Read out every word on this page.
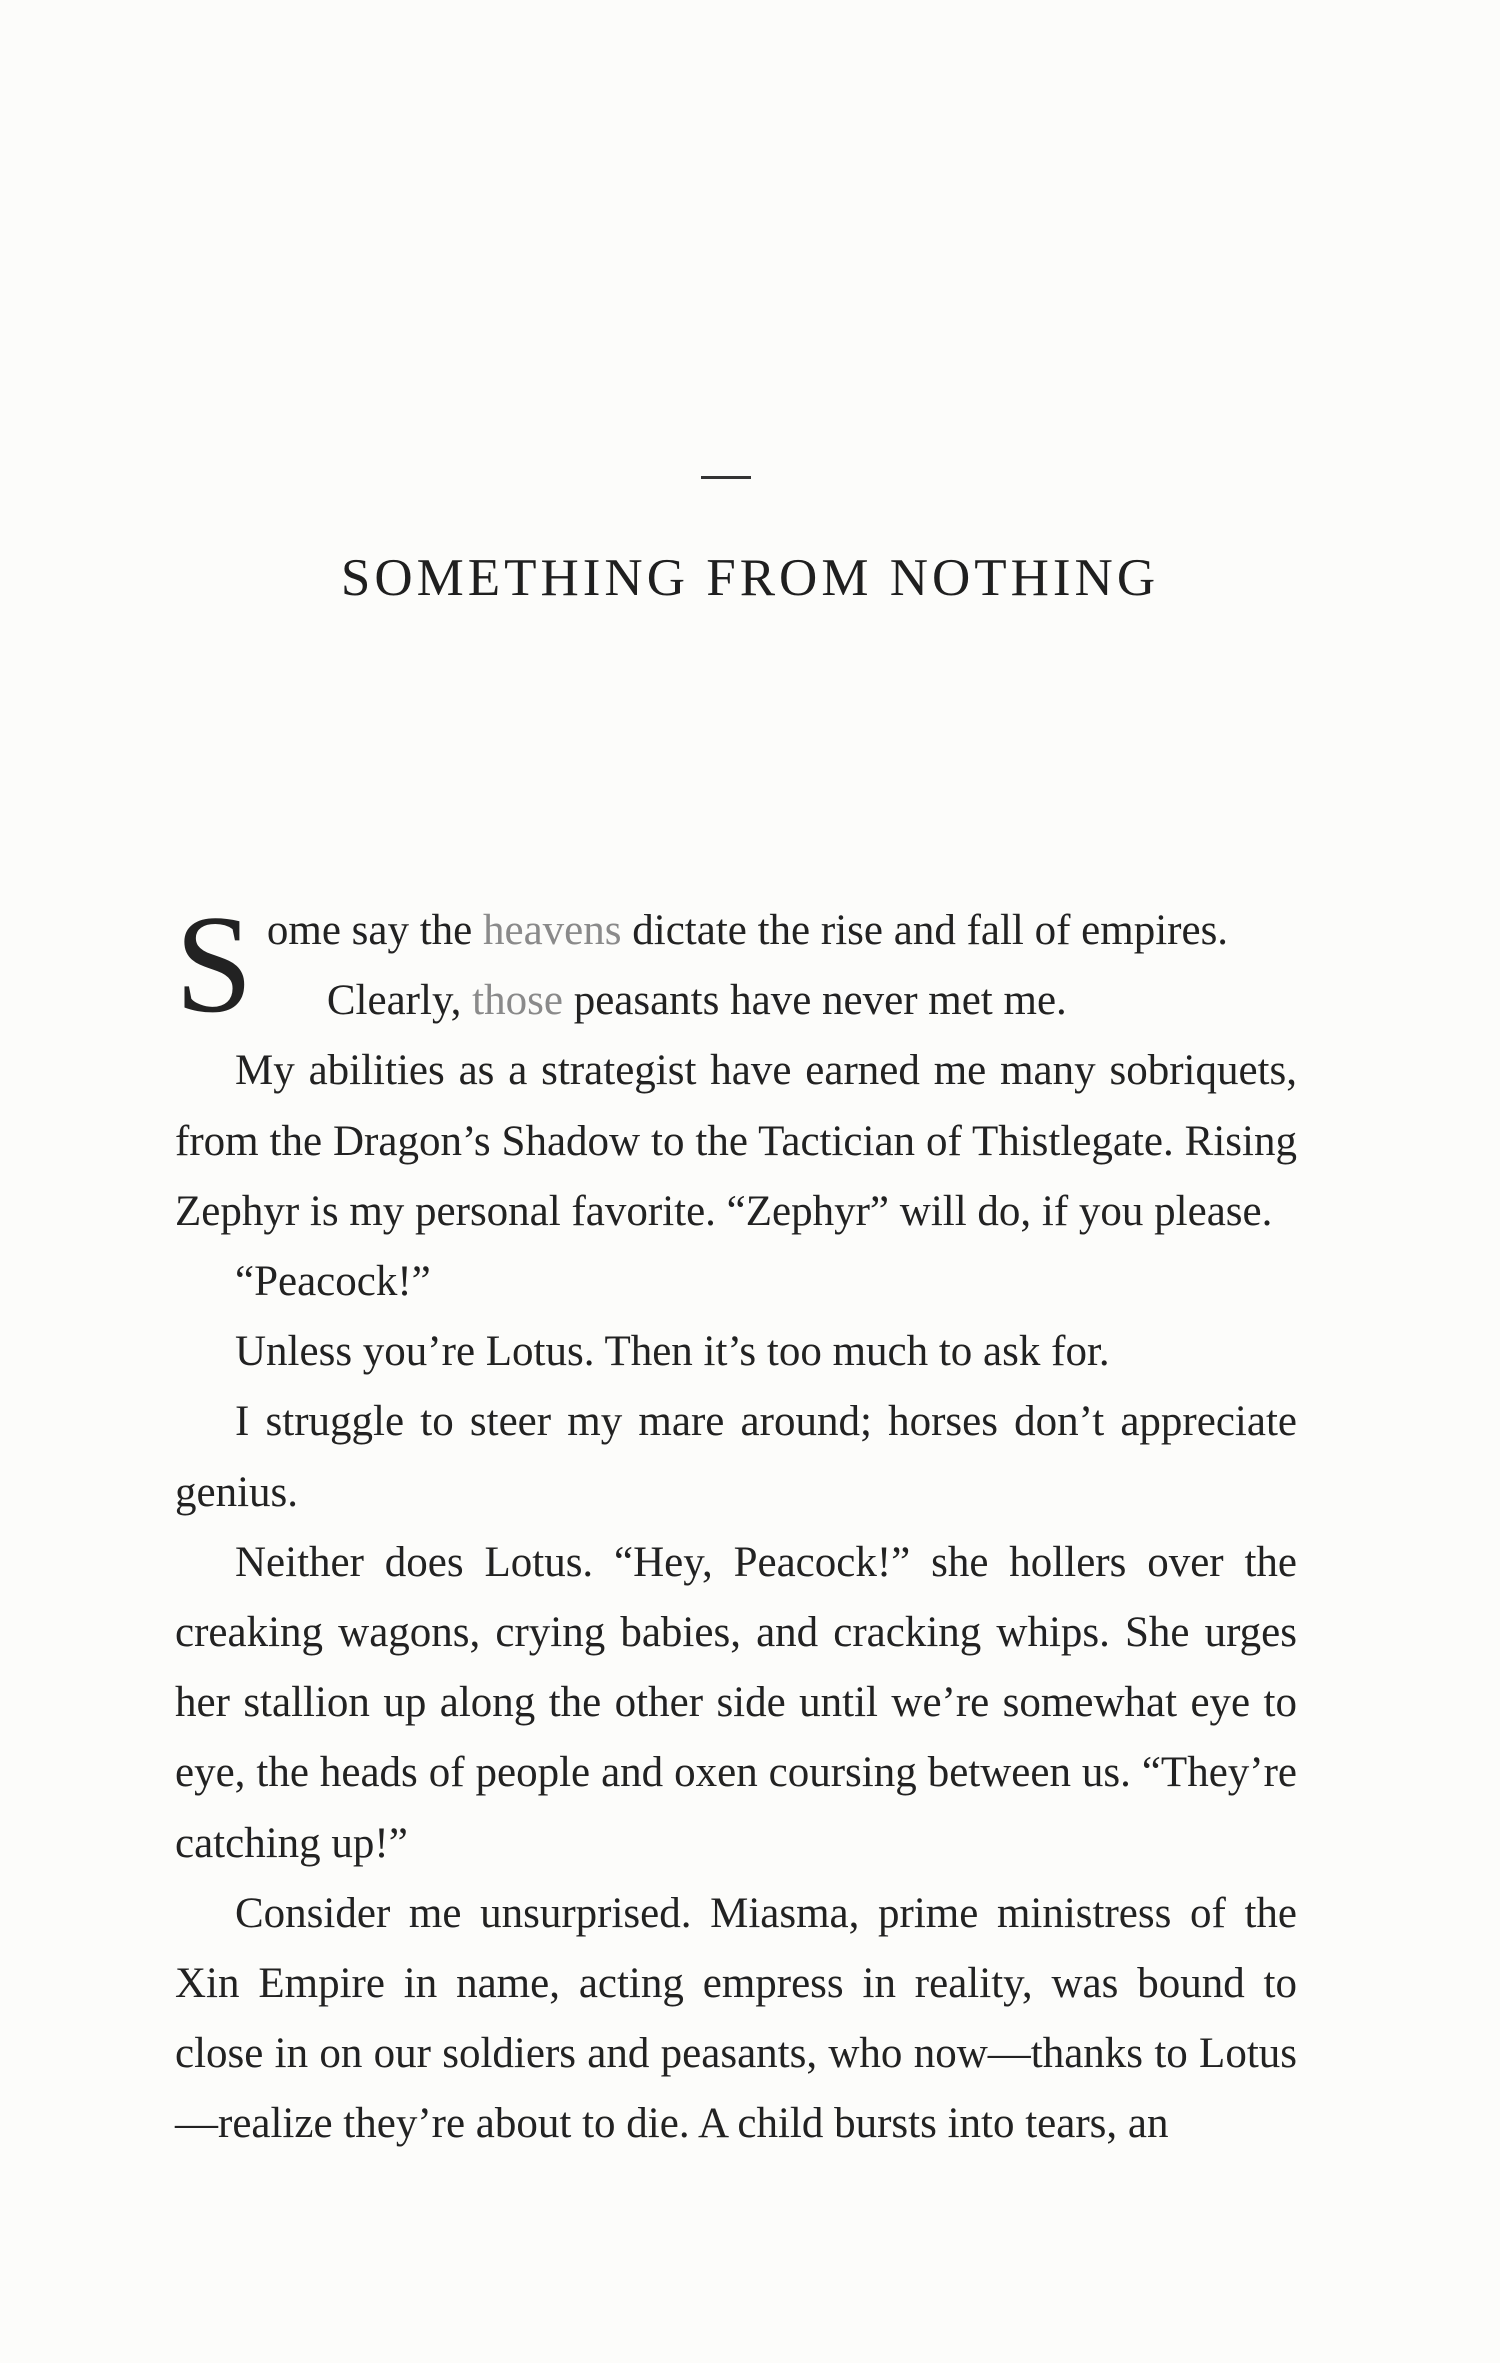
SOMETHING FROM NOTHING
S ome say the heavens dictate the rise and fall of empires.

Clearly, those peasants have never met me.

My abilities as a strategist have earned me many sobriquets, from the Dragon’s Shadow to the Tactician of Thistlegate. Rising Zephyr is my personal favorite. “Zephyr” will do, if you please.

“Peacock!”

Unless you’re Lotus. Then it’s too much to ask for.

I struggle to steer my mare around; horses don’t appreciate genius.

Neither does Lotus. “Hey, Peacock!” she hollers over the creaking wagons, crying babies, and cracking whips. She urges her stallion up along the other side until we’re somewhat eye to eye, the heads of people and oxen coursing between us. “They’re catching up!”

Consider me unsurprised. Miasma, prime ministress of the Xin Empire in name, acting empress in reality, was bound to close in on our soldiers and peasants, who now—thanks to Lotus—realize they’re about to die. A child bursts into tears, an
